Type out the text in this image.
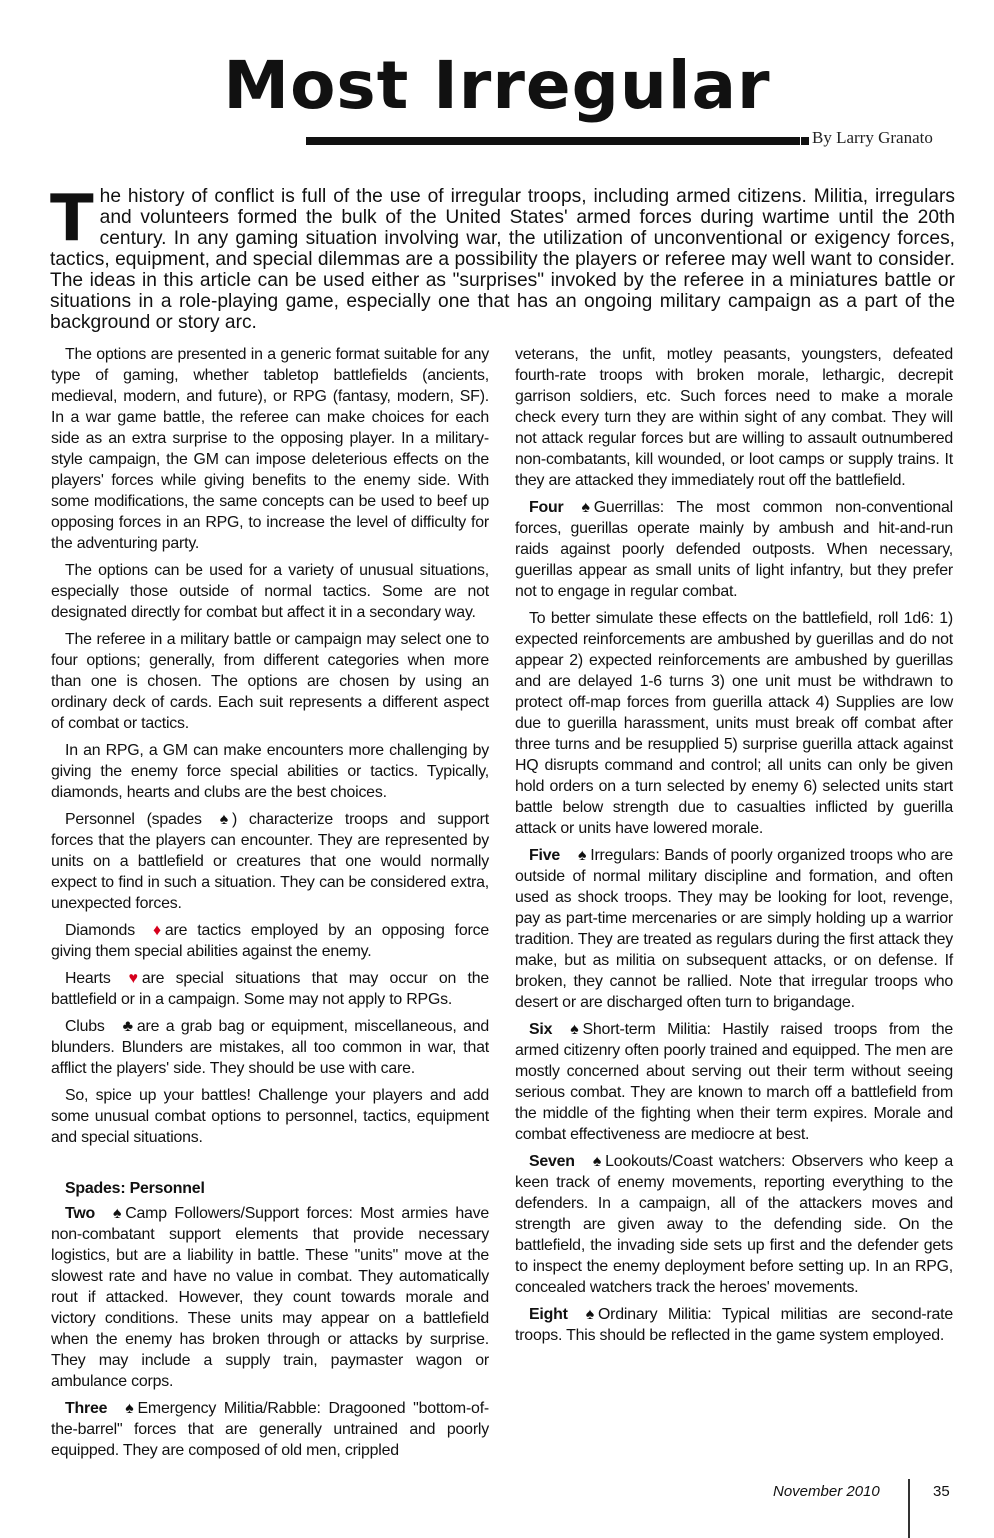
Most Irregular
By Larry Granato

The history of conflict is full of the use of irregular troops, including armed citizens. Militia, irregulars and volunteers formed the bulk of the United States' armed forces during wartime until the 20th century. In any gaming situation involving war, the utilization of unconventional or exigency forces, tactics, equipment, and special dilemmas are a possibility the players or referee may well want to consider. The ideas in this article can be used either as "surprises" invoked by the referee in a miniatures battle or situations in a role-playing game, especially one that has an ongoing military campaign as a part of the background or story arc.

The options are presented in a generic format suitable for any type of gaming, whether tabletop battlefields (ancients, medieval, modern, and future), or RPG (fantasy, modern, SF). In a war game battle, the referee can make choices for each side as an extra surprise to the opposing player. In a military-style campaign, the GM can impose deleterious effects on the players' forces while giving benefits to the enemy side. With some modifications, the same concepts can be used to beef up opposing forces in an RPG, to increase the level of difficulty for the adventuring party.

The options can be used for a variety of unusual situations, especially those outside of normal tactics. Some are not designated directly for combat but affect it in a secondary way.

The referee in a military battle or campaign may select one to four options; generally, from different categories when more than one is chosen. The options are chosen by using an ordinary deck of cards. Each suit represents a different aspect of combat or tactics.

In an RPG, a GM can make encounters more challenging by giving the enemy force special abilities or tactics. Typically, diamonds, hearts and clubs are the best choices.

Personnel (spades ♠ ) characterize troops and support forces that the players can encounter. They are represented by units on a battlefield or creatures that one would normally expect to find in such a situation. They can be considered extra, unexpected forces.

Diamonds ♦ are tactics employed by an opposing force giving them special abilities against the enemy.

Hearts ♥ are special situations that may occur on the battlefield or in a campaign. Some may not apply to RPGs.

Clubs ♣ are a grab bag or equipment, miscellaneous, and blunders. Blunders are mistakes, all too common in war, that afflict the players' side. They should be use with care.

So, spice up your battles! Challenge your players and add some unusual combat options to personnel, tactics, equipment and special situations.

Spades: Personnel

Two ♠ Camp Followers/Support forces: Most armies have non-combatant support elements that provide necessary logistics, but are a liability in battle. These "units" move at the slowest rate and have no value in combat. They automatically rout if attacked. However, they count towards morale and victory conditions. These units may appear on a battlefield when the enemy has broken through or attacks by surprise. They may include a supply train, paymaster wagon or ambulance corps.

Three ♠ Emergency Militia/Rabble: Dragooned "bottom-of-the-barrel" forces that are generally untrained and poorly equipped. They are composed of old men, crippled

veterans, the unfit, motley peasants, youngsters, defeated fourth-rate troops with broken morale, lethargic, decrepit garrison soldiers, etc. Such forces need to make a morale check every turn they are within sight of any combat. They will not attack regular forces but are willing to assault outnumbered non-combatants, kill wounded, or loot camps or supply trains. It they are attacked they immediately rout off the battlefield.

Four ♠ Guerrillas: The most common non-conventional forces, guerillas operate mainly by ambush and hit-and-run raids against poorly defended outposts. When necessary, guerillas appear as small units of light infantry, but they prefer not to engage in regular combat.

To better simulate these effects on the battlefield, roll 1d6: 1) expected reinforcements are ambushed by guerillas and do not appear 2) expected reinforcements are ambushed by guerillas and are delayed 1-6 turns 3) one unit must be withdrawn to protect off-map forces from guerilla attack 4) Supplies are low due to guerilla harassment, units must break off combat after three turns and be resupplied 5) surprise guerilla attack against HQ disrupts command and control; all units can only be given hold orders on a turn selected by enemy 6) selected units start battle below strength due to casualties inflicted by guerilla attack or units have lowered morale.

Five ♠ Irregulars: Bands of poorly organized troops who are outside of normal military discipline and formation, and often used as shock troops. They may be looking for loot, revenge, pay as part-time mercenaries or are simply holding up a warrior tradition. They are treated as regulars during the first attack they make, but as militia on subsequent attacks, or on defense. If broken, they cannot be rallied. Note that irregular troops who desert or are discharged often turn to brigandage.

Six ♠ Short-term Militia: Hastily raised troops from the armed citizenry often poorly trained and equipped. The men are mostly concerned about serving out their term without seeing serious combat. They are known to march off a battlefield from the middle of the fighting when their term expires. Morale and combat effectiveness are mediocre at best.

Seven ♠ Lookouts/Coast watchers: Observers who keep a keen track of enemy movements, reporting everything to the defenders. In a campaign, all of the attackers moves and strength are given away to the defending side. On the battlefield, the invading side sets up first and the defender gets to inspect the enemy deployment before setting up. In an RPG, concealed watchers track the heroes' movements.

Eight ♠ Ordinary Militia: Typical militias are second-rate troops. This should be reflected in the game system employed.

November 2010	35
